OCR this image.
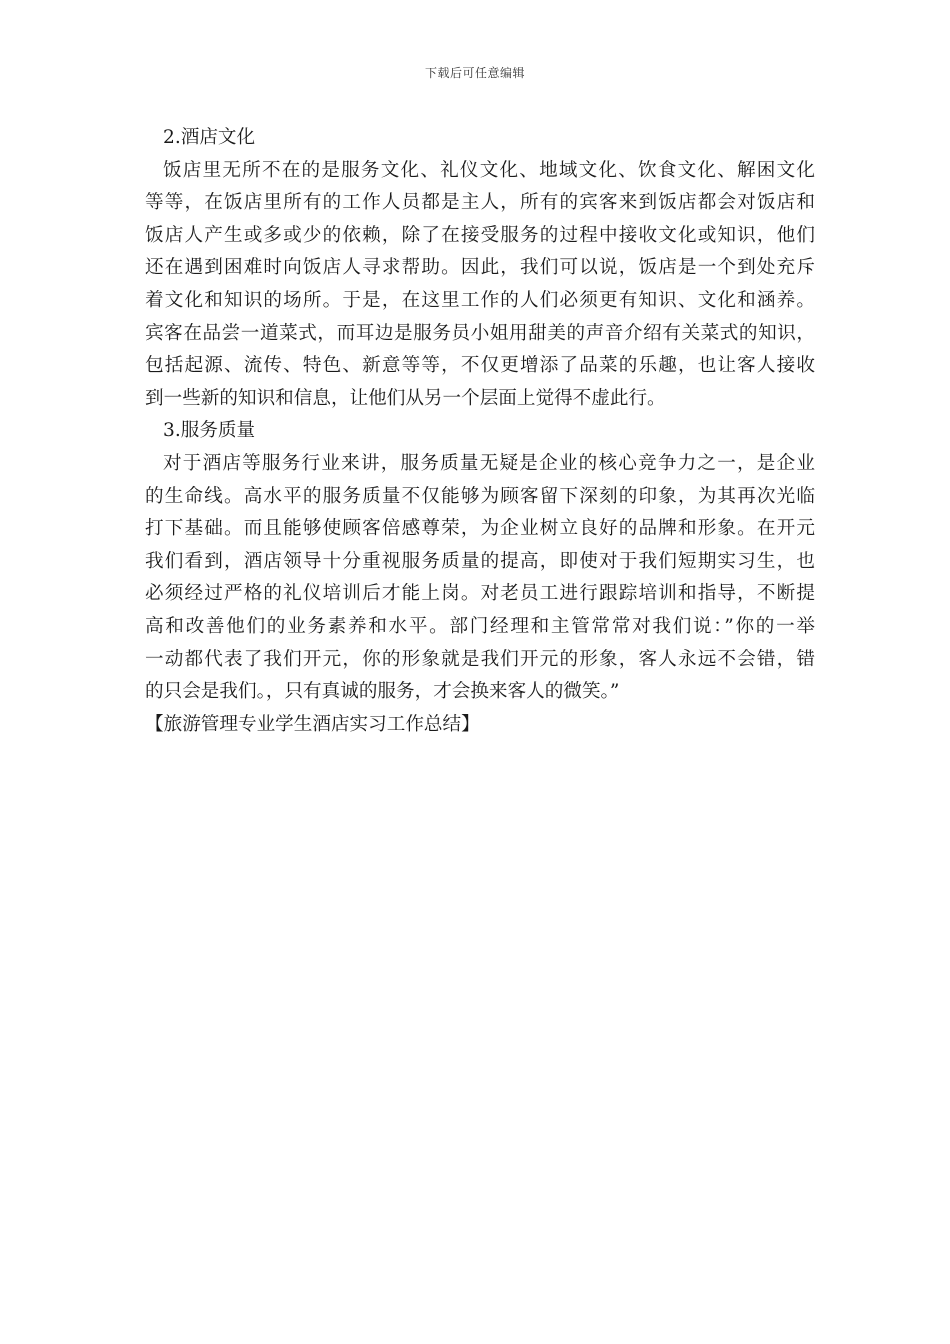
下载后可任意编辑
2.酒店文化
饭店里无所不在的是服务文化、礼仪文化、地域文化、饮食文化、解困文化
等等，在饭店里所有的工作人员都是主人，所有的宾客来到饭店都会对饭店和
饭店人产生或多或少的依赖，除了在接受服务的过程中接收文化或知识，他们
还在遇到困难时向饭店人寻求帮助。因此，我们可以说，饭店是一个到处充斥
着文化和知识的场所。于是，在这里工作的人们必须更有知识、文化和涵养。
宾客在品尝一道菜式，而耳边是服务员小姐用甜美的声音介绍有关菜式的知识，
包括起源、流传、特色、新意等等，不仅更增添了品菜的乐趣，也让客人接收
到一些新的知识和信息，让他们从另一个层面上觉得不虚此行。
3.服务质量
对于酒店等服务行业来讲，服务质量无疑是企业的核心竞争力之一，是企业
的生命线。高水平的服务质量不仅能够为顾客留下深刻的印象，为其再次光临
打下基础。而且能够使顾客倍感尊荣，为企业树立良好的品牌和形象。在开元
我们看到，酒店领导十分重视服务质量的提高，即使对于我们短期实习生，也
必须经过严格的礼仪培训后才能上岗。对老员工进行跟踪培训和指导，不断提
高和改善他们的业务素养和水平。部门经理和主管常常对我们说：”你的一举
一动都代表了我们开元，你的形象就是我们开元的形象，客人永远不会错，错
的只会是我们。，只有真诚的服务，才会换来客人的微笑。”
【旅游管理专业学生酒店实习工作总结】
